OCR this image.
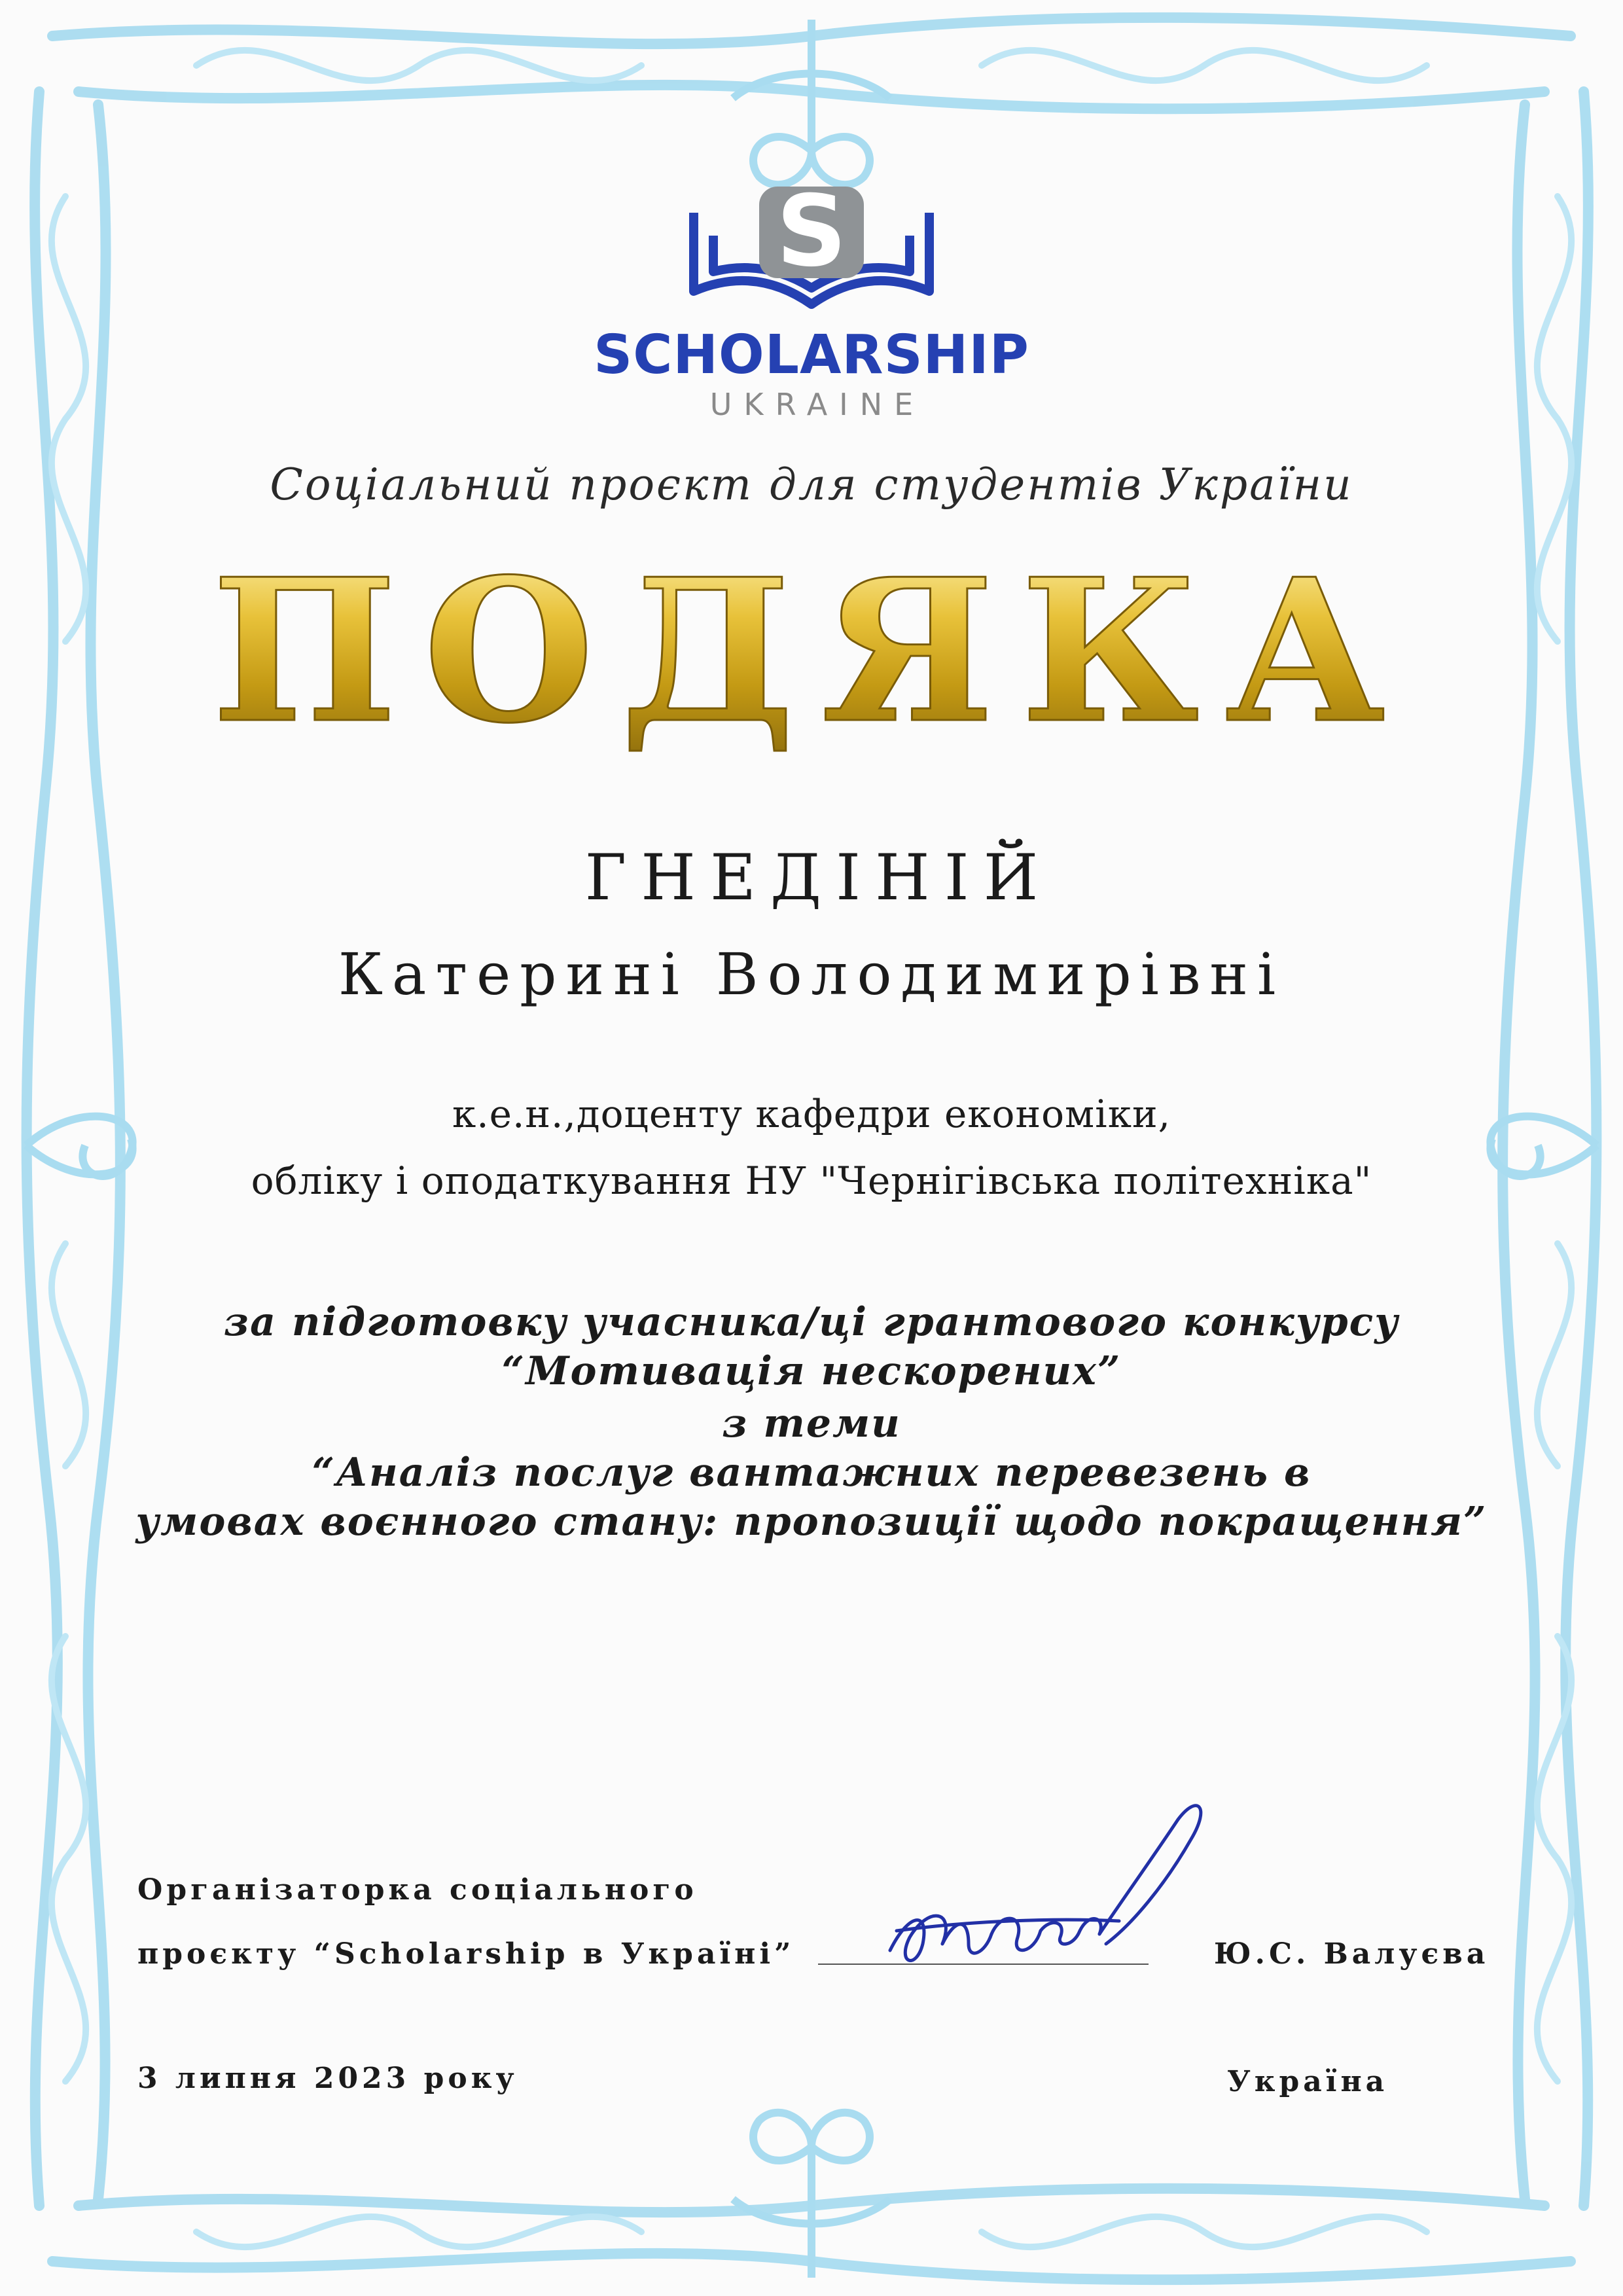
S
SCHOLARSHIP
UKRAINE
Соціальний проєкт для студентів України
ПОДЯКА
ГНЕДІНІЙ
Катерині Володимирівні
к.е.н.,доценту кафедри економіки,
обліку і оподаткування НУ "Чернігівська політехніка"
за підготовку учасника/ці грантового конкурсу
“Мотивація нескорених”
з теми
“Аналіз послуг вантажних перевезень в
умовах воєнного стану: пропозиції щодо покращення”
Організаторка соціального
проєкту “Scholarship в Україні”	Ю.С. Валуєва
3 липня 2023 року	Україна
